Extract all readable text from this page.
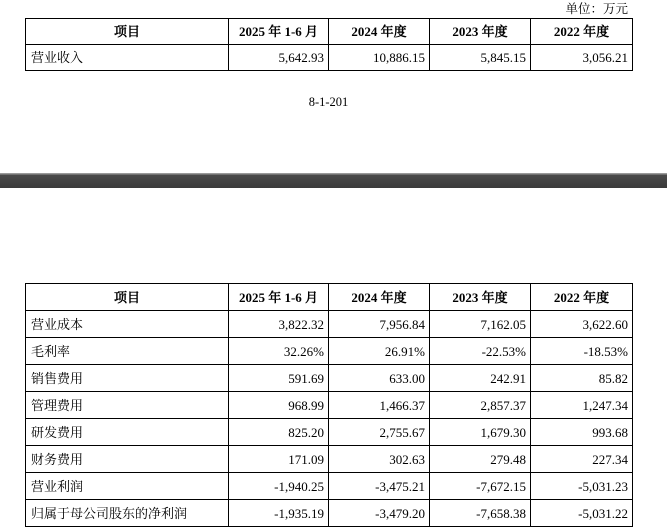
单位：万元
项目	2025 年 1-6 月	2024 年度	2023 年度	2022 年度
营业收入	5,642.93	10,886.15	5,845.15	3,056.21
8-1-201
项目	2025 年 1-6 月	2024 年度	2023 年度	2022 年度
营业成本	3,822.32	7,956.84	7,162.05	3,622.60
毛利率	32.26%	26.91%	-22.53%	-18.53%
销售费用	591.69	633.00	242.91	85.82
管理费用	968.99	1,466.37	2,857.37	1,247.34
研发费用	825.20	2,755.67	1,679.30	993.68
财务费用	171.09	302.63	279.48	227.34
营业利润	-1,940.25	-3,475.21	-7,672.15	-5,031.23
归属于母公司股东的净利润	-1,935.19	-3,479.20	-7,658.38	-5,031.22
